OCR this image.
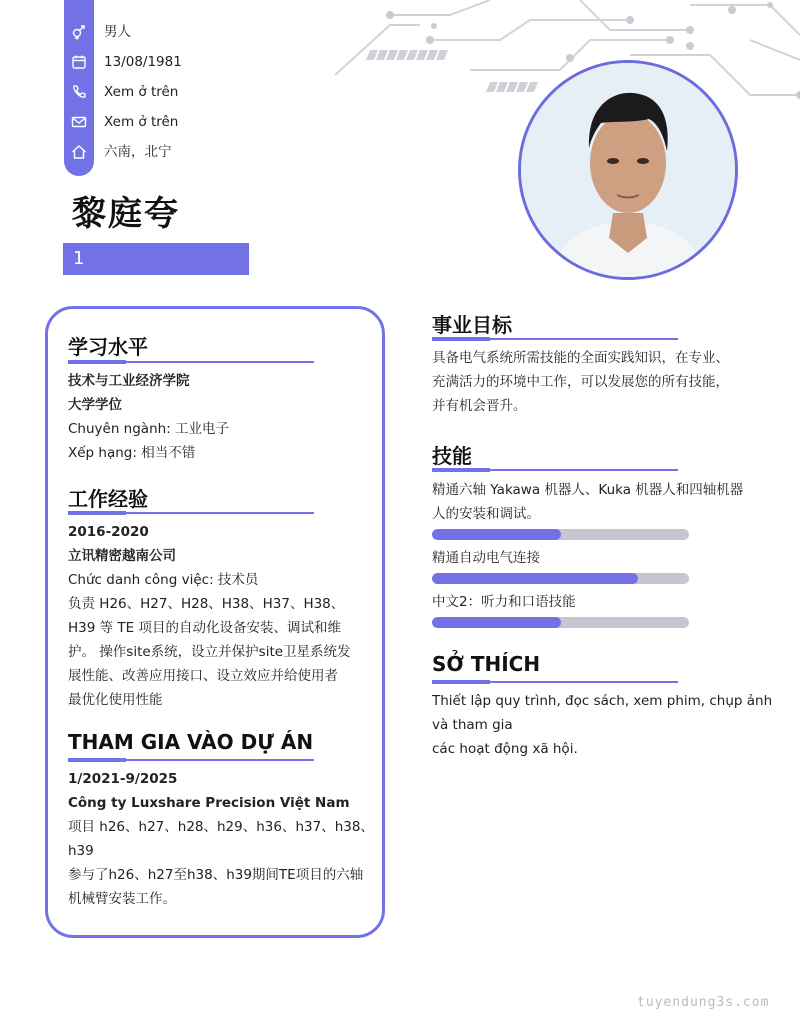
男人
13/08/1981
Xem ở trên
Xem ở trên
六南，北宁
黎庭夸
1
学习水平
技术与工业经济学院
大学学位
Chuyên ngành: 工业电子
Xếp hạng: 相当不错
工作经验
2016-2020
立讯精密越南公司
Chức danh công việc: 技术员
负责 H26、H27、H28、H38、H37、H38、
H39 等 TE 项目的自动化设备安装、调试和维
护。 操作site系统，设立并保护site卫星系统发
展性能、改善应用接口、设立效应并给使用者
最优化使用性能
THAM GIA VÀO DỰ ÁN
1/2021-9/2025
Công ty Luxshare Precision Việt Nam
项目 h26、h27、h28、h29、h36、h37、h38、
h39
参与了h26、h27至h38、h39期间TE项目的六轴
机械臂安装工作。
事业目标
具备电气系统所需技能的全面实践知识，在专业、
充满活力的环境中工作，可以发展您的所有技能，
并有机会晋升。
技能
精通六轴 Yakawa 机器人、Kuka 机器人和四轴机器
人的安装和调试。
精通自动电气连接
中文2：听力和口语技能
SỞ THÍCH
Thiết lập quy trình, đọc sách, xem phim, chụp ảnh
và tham gia
các hoạt động xã hội.
tuyendung3s.com
